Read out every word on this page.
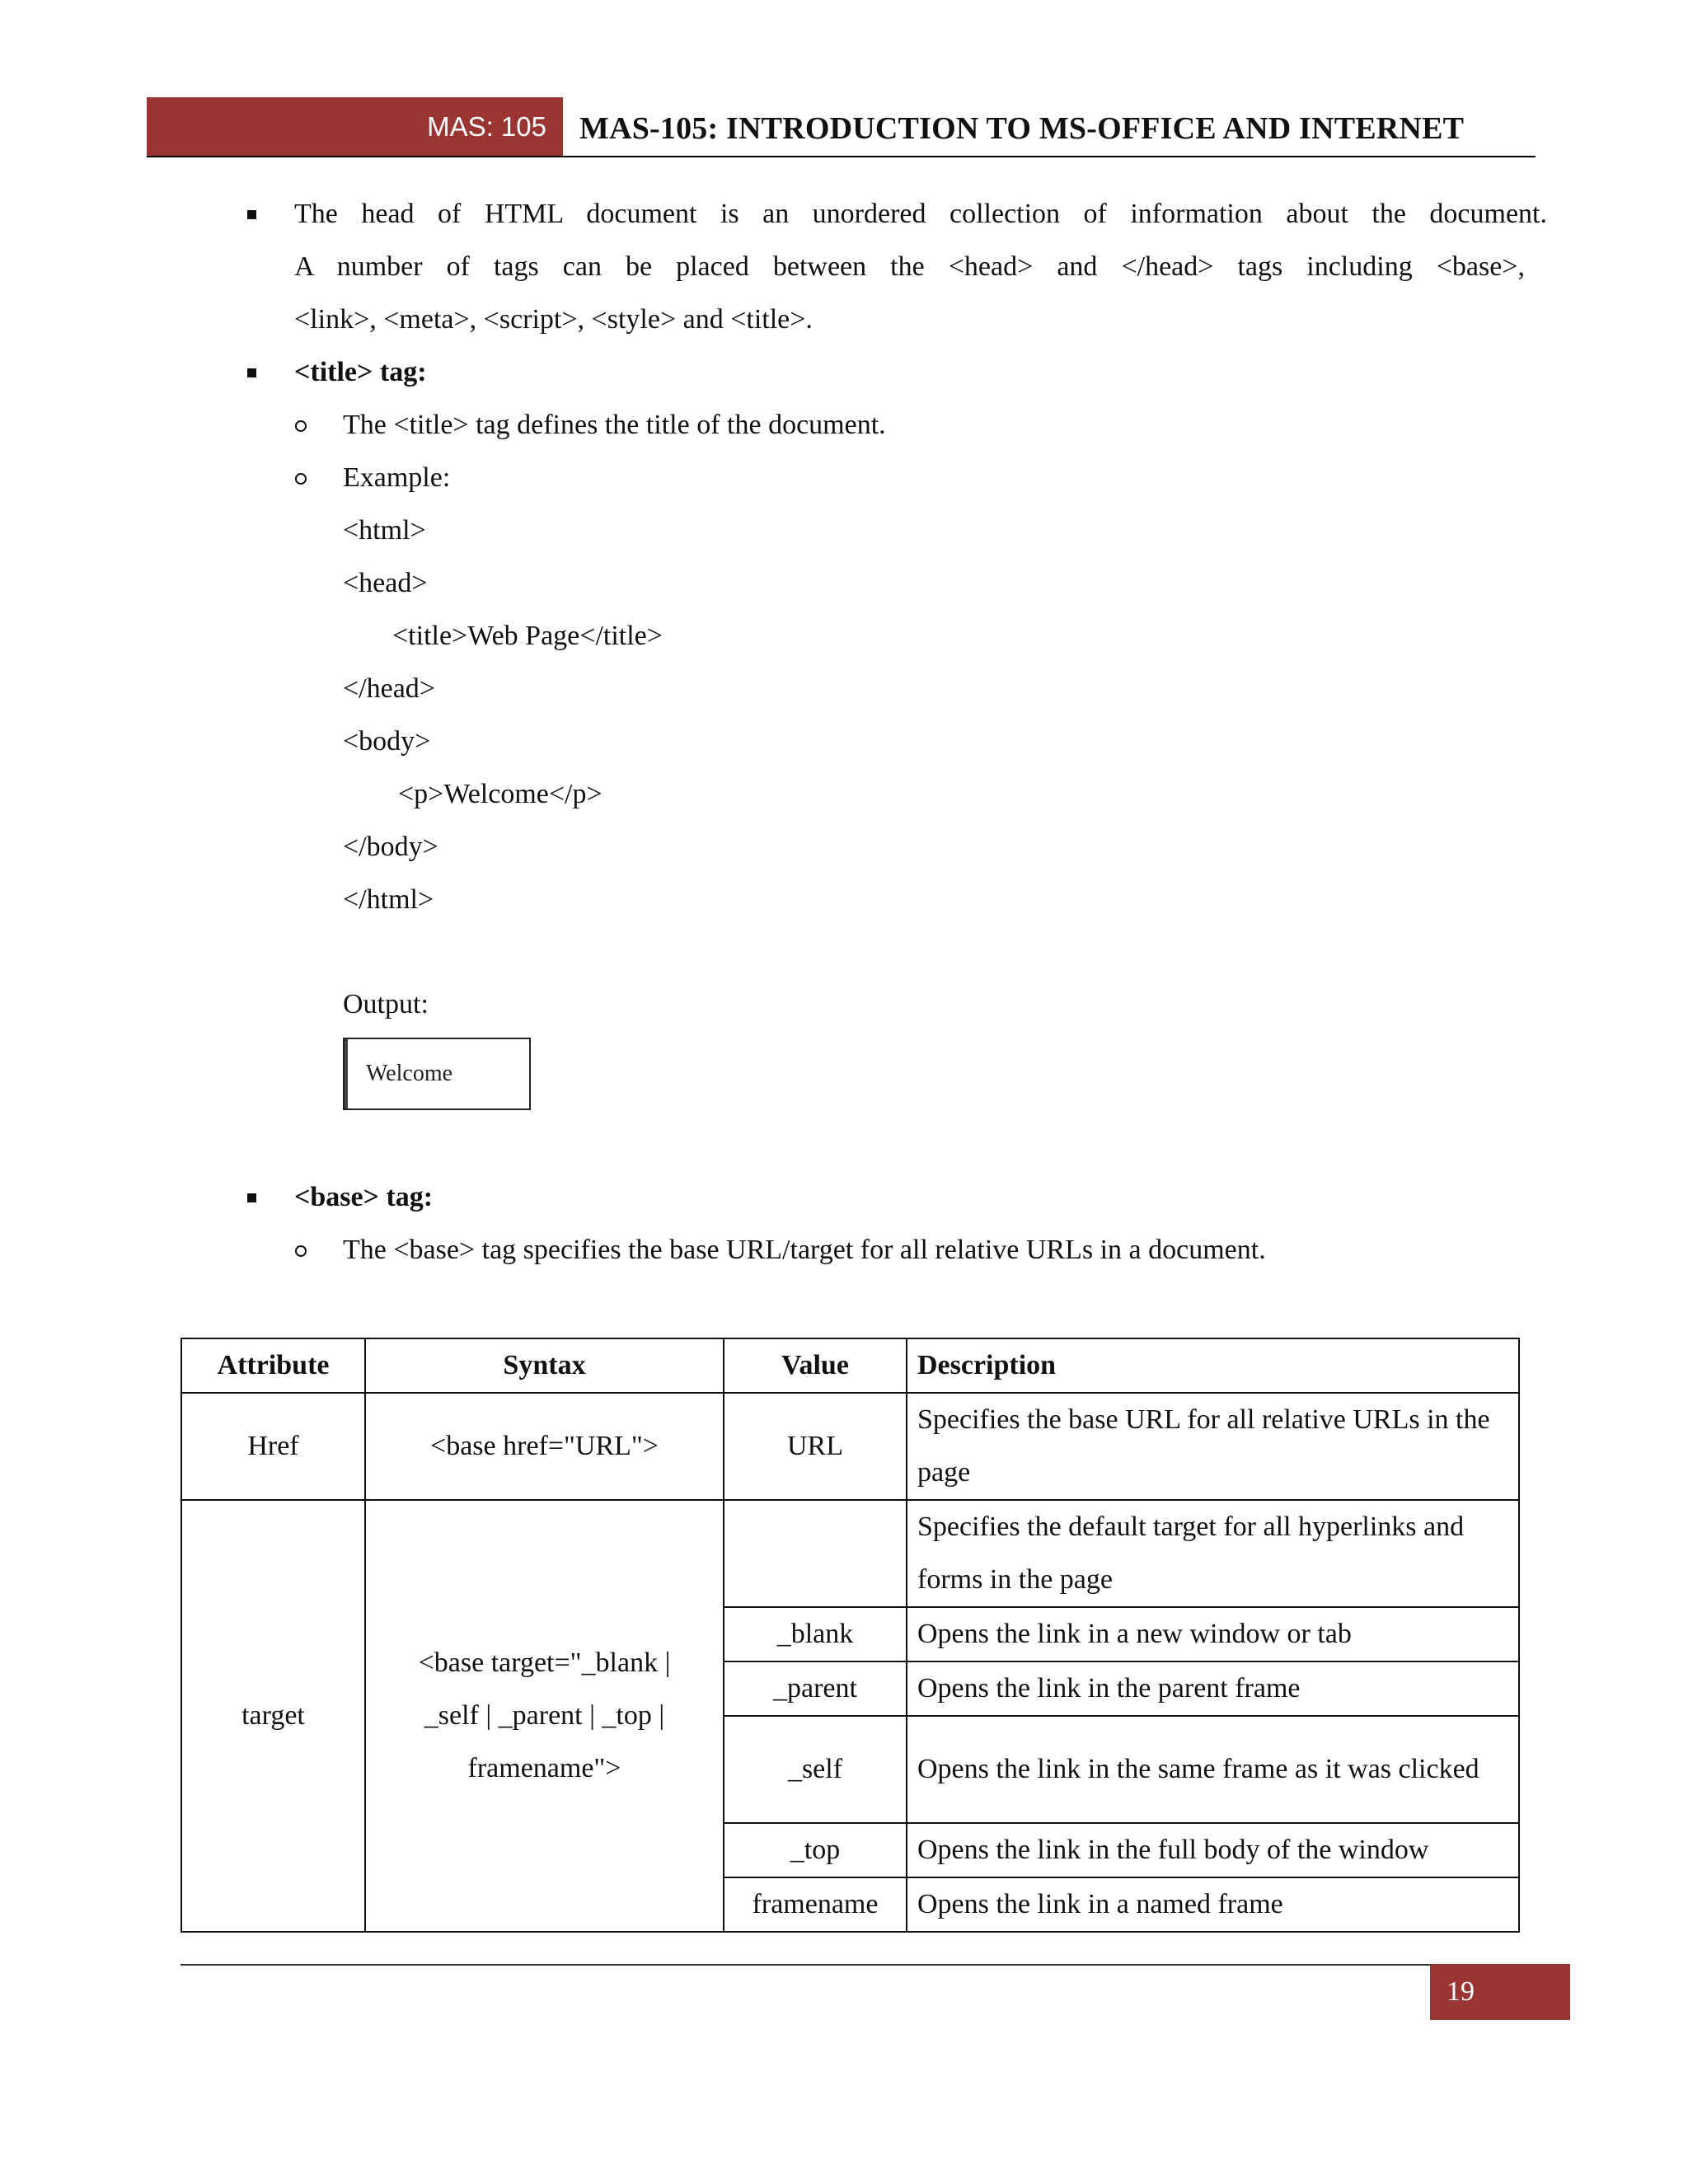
MAS: 105	MAS-105: INTRODUCTION TO MS-OFFICE AND INTERNET
The head of HTML document is an unordered collection of information about the document.
A number of tags can be placed between the <head> and </head> tags including <base>,
<link>, <meta>, <script>, <style> and <title>.
<title> tag:
The <title> tag defines the title of the document.
Example:
<html>
<head>
<title>Web Page</title>
</head>
<body>
<p>Welcome</p>
</body>
</html>
Output:
<base> tag:
The <base> tag specifies the base URL/target for all relative URLs in a document.
Welcome
Attribute	Syntax	Value	Description
Href	<base href="URL">	URL	Specifies the base URL for all relative URLs in the page
target	<base target="_blank | _self | _parent | _top | framename">		Specifies the default target for all hyperlinks and forms in the page
		_blank	Opens the link in a new window or tab
		_parent	Opens the link in the parent frame
		_self	Opens the link in the same frame as it was clicked
		_top	Opens the link in the full body of the window
		framename	Opens the link in a named frame
19
